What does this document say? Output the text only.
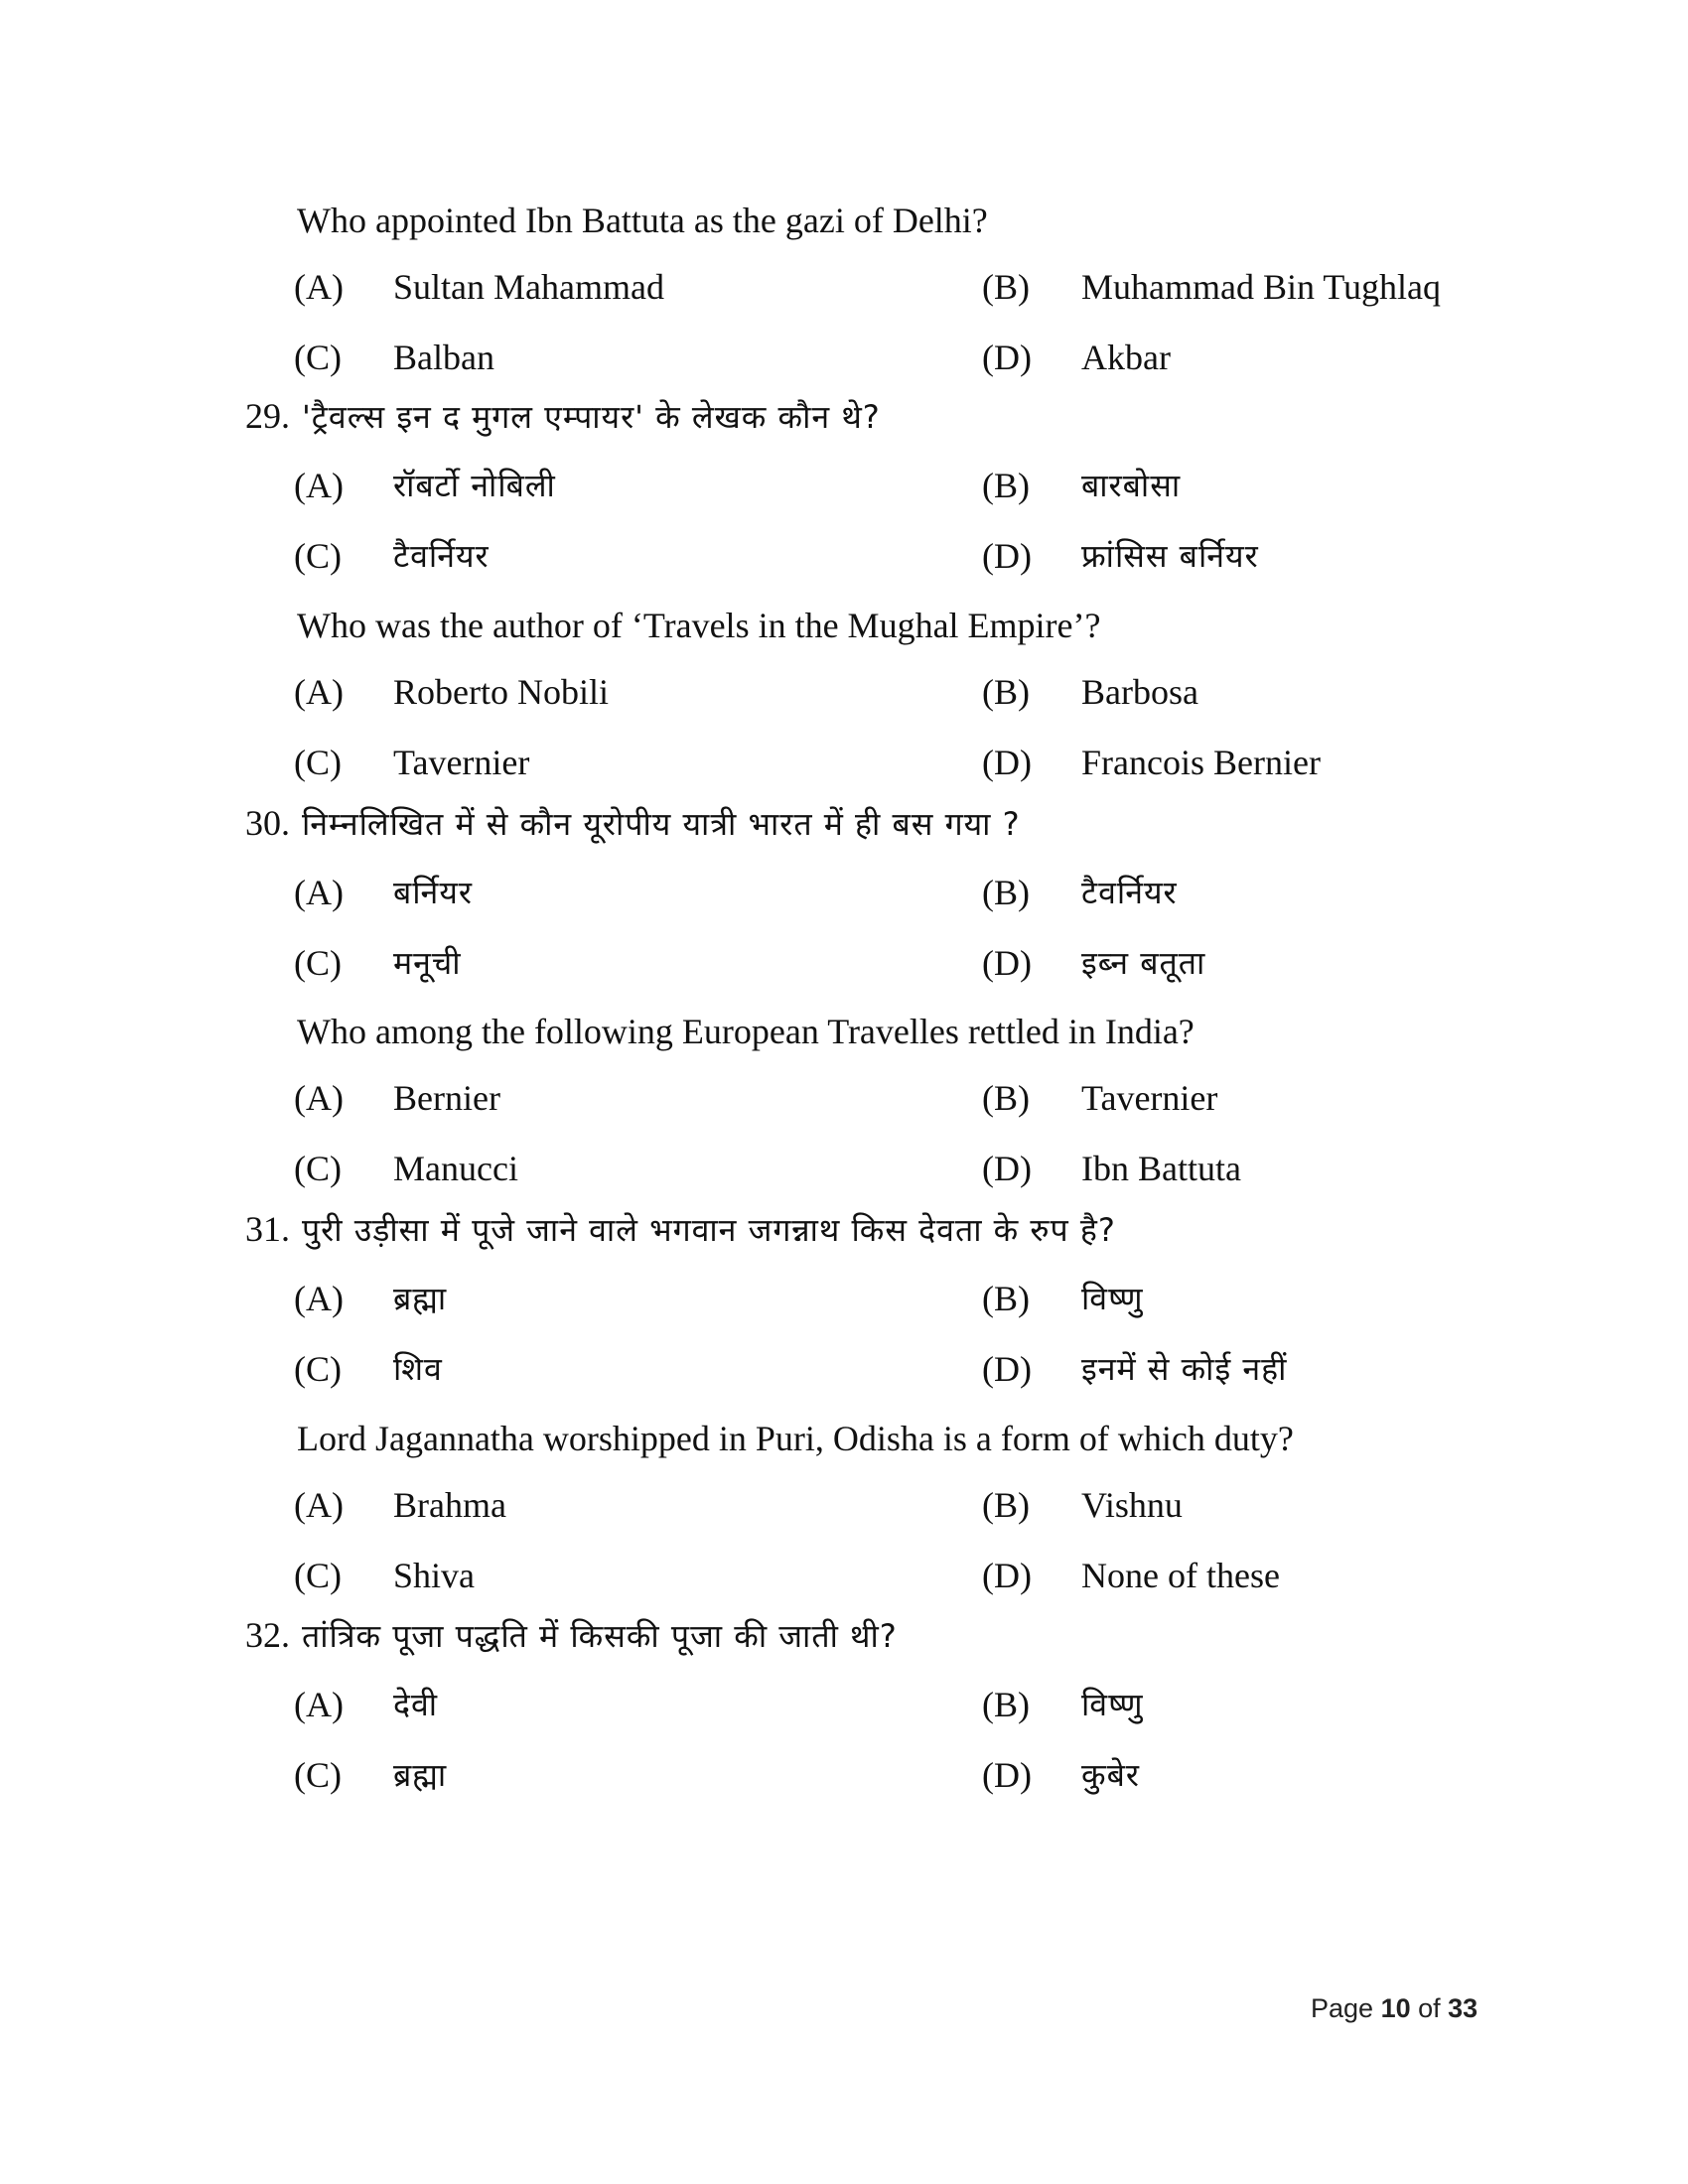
Who appointed Ibn Battuta as the gazi of Delhi?
(A) Sultan Mahammad	(B) Muhammad Bin Tughlaq
(C) Balban	(D) Akbar
29. 'ट्रैवल्स इन द मुगल एम्पायर' के लेखक कौन थे?
(A) रॉबर्टो नोबिली	(B) बारबोसा
(C) टैवर्नियर	(D) फ्रांसिस बर्नियर
Who was the author of ‘Travels in the Mughal Empire’?
(A) Roberto Nobili	(B) Barbosa
(C) Tavernier	(D) Francois Bernier
30. निम्नलिखित में से कौन यूरोपीय यात्री भारत में ही बस गया ?
(A) बर्नियर	(B) टैवर्नियर
(C) मनूची	(D) इब्न बतूता
Who among the following European Travelles rettled in India?
(A) Bernier	(B) Tavernier
(C) Manucci	(D) Ibn Battuta
31. पुरी उड़ीसा में पूजे जाने वाले भगवान जगन्नाथ किस देवता के रुप है?
(A) ब्रह्मा	(B) विष्णु
(C) शिव	(D) इनमें से कोई नहीं
Lord Jagannatha worshipped in Puri, Odisha is a form of which duty?
(A) Brahma	(B) Vishnu
(C) Shiva	(D) None of these
32. तांत्रिक पूजा पद्धति में किसकी पूजा की जाती थी?
(A) देवी	(B) विष्णु
(C) ब्रह्मा	(D) कुबेर
Page 10 of 33
